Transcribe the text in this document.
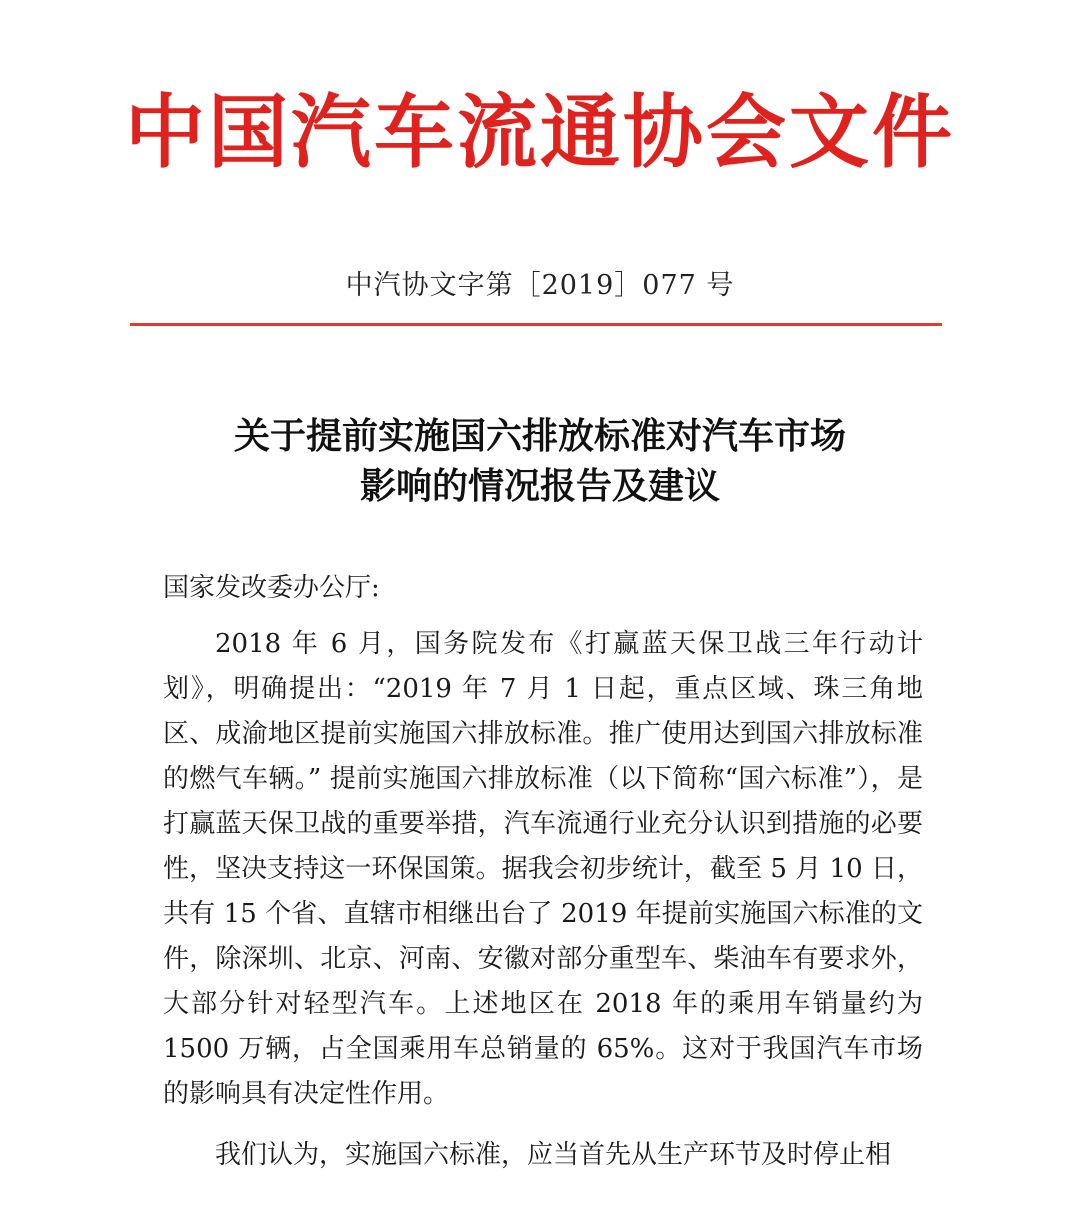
中国汽车流通协会文件
中汽协文字第［2019］077 号
关于提前实施国六排放标准对汽车市场
影响的情况报告及建议
国家发改委办公厅:
2018 年 6 月，国务院发布《打赢蓝天保卫战三年行动计划》，明确提出：“2019 年 7 月 1 日起，重点区域、珠三角地区、成渝地区提前实施国六排放标准。推广使用达到国六排放标准的燃气车辆。” 提前实施国六排放标准（以下简称“国六标准”），是打赢蓝天保卫战的重要举措，汽车流通行业充分认识到措施的必要性，坚决支持这一环保国策。据我会初步统计，截至 5 月 10 日，共有 15 个省、直辖市相继出台了 2019 年提前实施国六标准的文件，除深圳、北京、河南、安徽对部分重型车、柴油车有要求外，大部分针对轻型汽车。上述地区在 2018 年的乘用车销量约为 1500 万辆，占全国乘用车总销量的 65%。这对于我国汽车市场的影响具有决定性作用。
我们认为，实施国六标准，应当首先从生产环节及时停止相
